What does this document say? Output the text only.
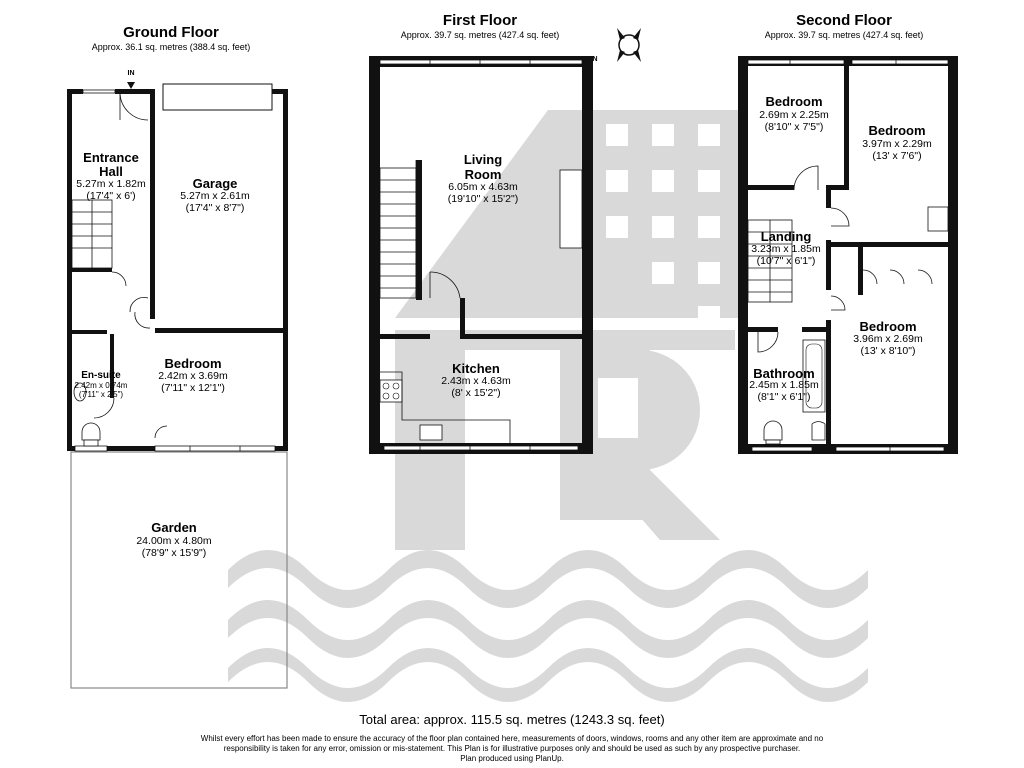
Ground Floor
Approx. 36.1 sq. metres (388.4 sq. feet)
First Floor
Approx. 39.7 sq. metres (427.4 sq. feet)
Second Floor
Approx. 39.7 sq. metres (427.4 sq. feet)
IN
Entrance
Hall
5.27m x 1.82m
(17'4" x 6')
Garage
5.27m x 2.61m
(17'4" x 8'7")
En-suite
2.42m x 0.74m
(7'11" x 2'5")
Bedroom
2.42m x 3.69m
(7'11" x 12'1")
Garden
24.00m x 4.80m
(78'9" x 15'9")
Living
Room
6.05m x 4.63m
(19'10" x 15'2")
Kitchen
2.43m x 4.63m
(8' x 15'2")
N
Bedroom
2.69m x 2.25m
(8'10" x 7'5")	Bedroom
3.97m x 2.29m
(13' x 7'6")
Landing
3.23m x 1.85m
(10'7" x 6'1")
Bedroom
3.96m x 2.69m
(13' x 8'10")
Bathroom
2.45m x 1.85m
(8'1" x 6'1")
Total area: approx. 115.5 sq. metres (1243.3 sq. feet)
Whilst every effort has been made to ensure the accuracy of the floor plan contained here, measurements of doors, windows, rooms and any other item are approximate and no
responsibility is taken for any error, omission or mis-statement. This Plan is for illustrative purposes only and should be used as such by any prospective purchaser.
Plan produced using PlanUp.
